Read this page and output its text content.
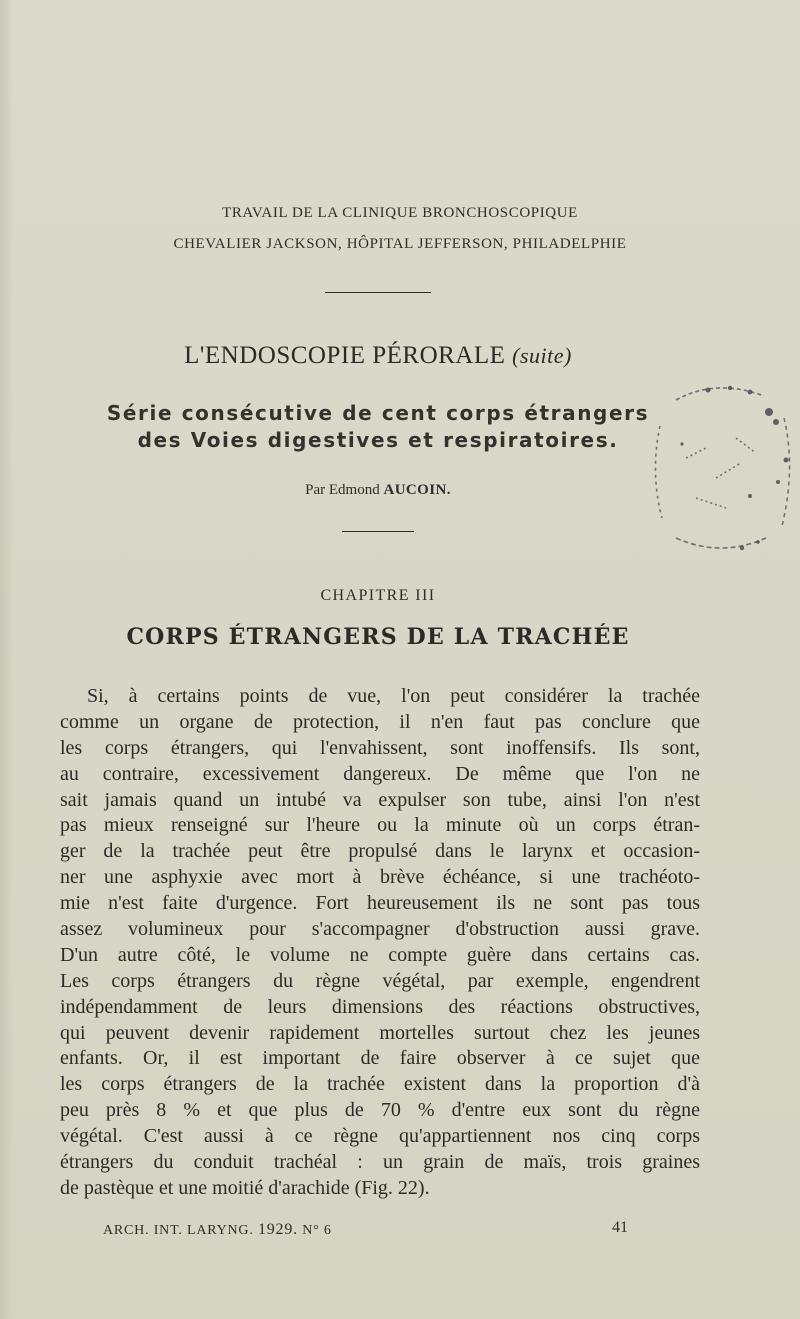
TRAVAIL DE LA CLINIQUE BRONCHOSCOPIQUE
CHEVALIER JACKSON, HÔPITAL JEFFERSON, PHILADELPHIE
L'ENDOSCOPIE PÉRORALE (suite)
Série consécutive de cent corps étrangers
des Voies digestives et respiratoires.
Par Edmond AUCOIN.
CHAPITRE III
CORPS ÉTRANGERS DE LA TRACHÉE
Si, à certains points de vue, l'on peut considérer la trachée
comme un organe de protection, il n'en faut pas conclure que
les corps étrangers, qui l'envahissent, sont inoffensifs. Ils sont,
au contraire, excessivement dangereux. De même que l'on ne
sait jamais quand un intubé va expulser son tube, ainsi l'on n'est
pas mieux renseigné sur l'heure ou la minute où un corps étran-
ger de la trachée peut être propulsé dans le larynx et occasion-
ner une asphyxie avec mort à brève échéance, si une trachéoto-
mie n'est faite d'urgence. Fort heureusement ils ne sont pas tous
assez volumineux pour s'accompagner d'obstruction aussi grave.
D'un autre côté, le volume ne compte guère dans certains cas.
Les corps étrangers du règne végétal, par exemple, engendrent
indépendamment de leurs dimensions des réactions obstructives,
qui peuvent devenir rapidement mortelles surtout chez les jeunes
enfants. Or, il est important de faire observer à ce sujet que
les corps étrangers de la trachée existent dans la proportion d'à
peu près 8 % et que plus de 70 % d'entre eux sont du règne
végétal. C'est aussi à ce règne qu'appartiennent nos cinq corps
étrangers du conduit trachéal : un grain de maïs, trois graines
de pastèque et une moitié d'arachide (Fig. 22).
ARCH. INT. LARYNG. 1929. N° 6	41
